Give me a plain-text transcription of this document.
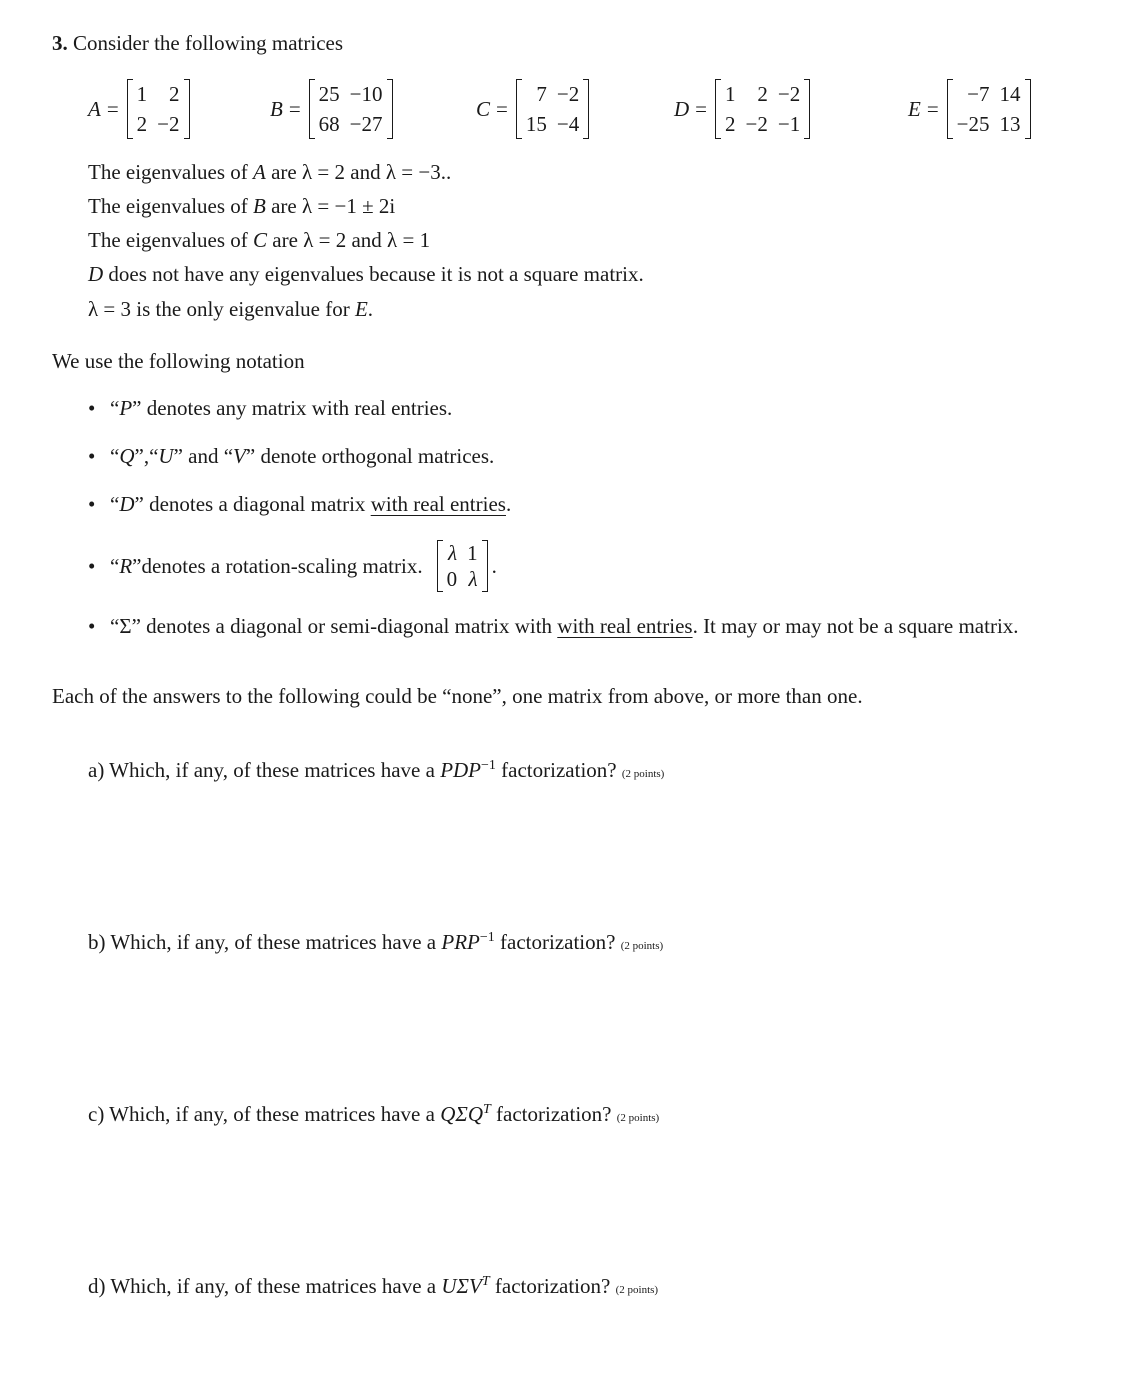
3. Consider the following matrices
A =
1	2
2	−2
B =
25	−10
68	−27
C =
7	−2
15	−4
D =
1	2	−2
2	−2	−1
E =
−7	14
−25	13
The eigenvalues of A are λ = 2 and λ = −3..
The eigenvalues of B are λ = −1 ± 2i
The eigenvalues of C are λ = 2 and λ = 1
D does not have any eigenvalues because it is not a square matrix.
λ = 3 is the only eigenvalue for E.
We use the following notation
• “P” denotes any matrix with real entries.
• “Q”,“U” and “V” denote orthogonal matrices.
• “D” denotes a diagonal matrix with real entries.
• “ R ” denotes a rotation-scaling matrix.
λ	1
0	λ
.
• “Σ” denotes a diagonal or semi-diagonal matrix with with real entries. It may or may not be a square matrix.
Each of the answers to the following could be “none”, one matrix from above, or more than one.
a) Which, if any, of these matrices have a $PDP^{-1}$ factorization? (2 points)
b) Which, if any, of these matrices have a $PRP^{-1}$ factorization? (2 points)
c) Which, if any, of these matrices have a $Q\Sigma Q^T$ factorization? (2 points)
d) Which, if any, of these matrices have a $U\Sigma V^T$ factorization? (2 points)
